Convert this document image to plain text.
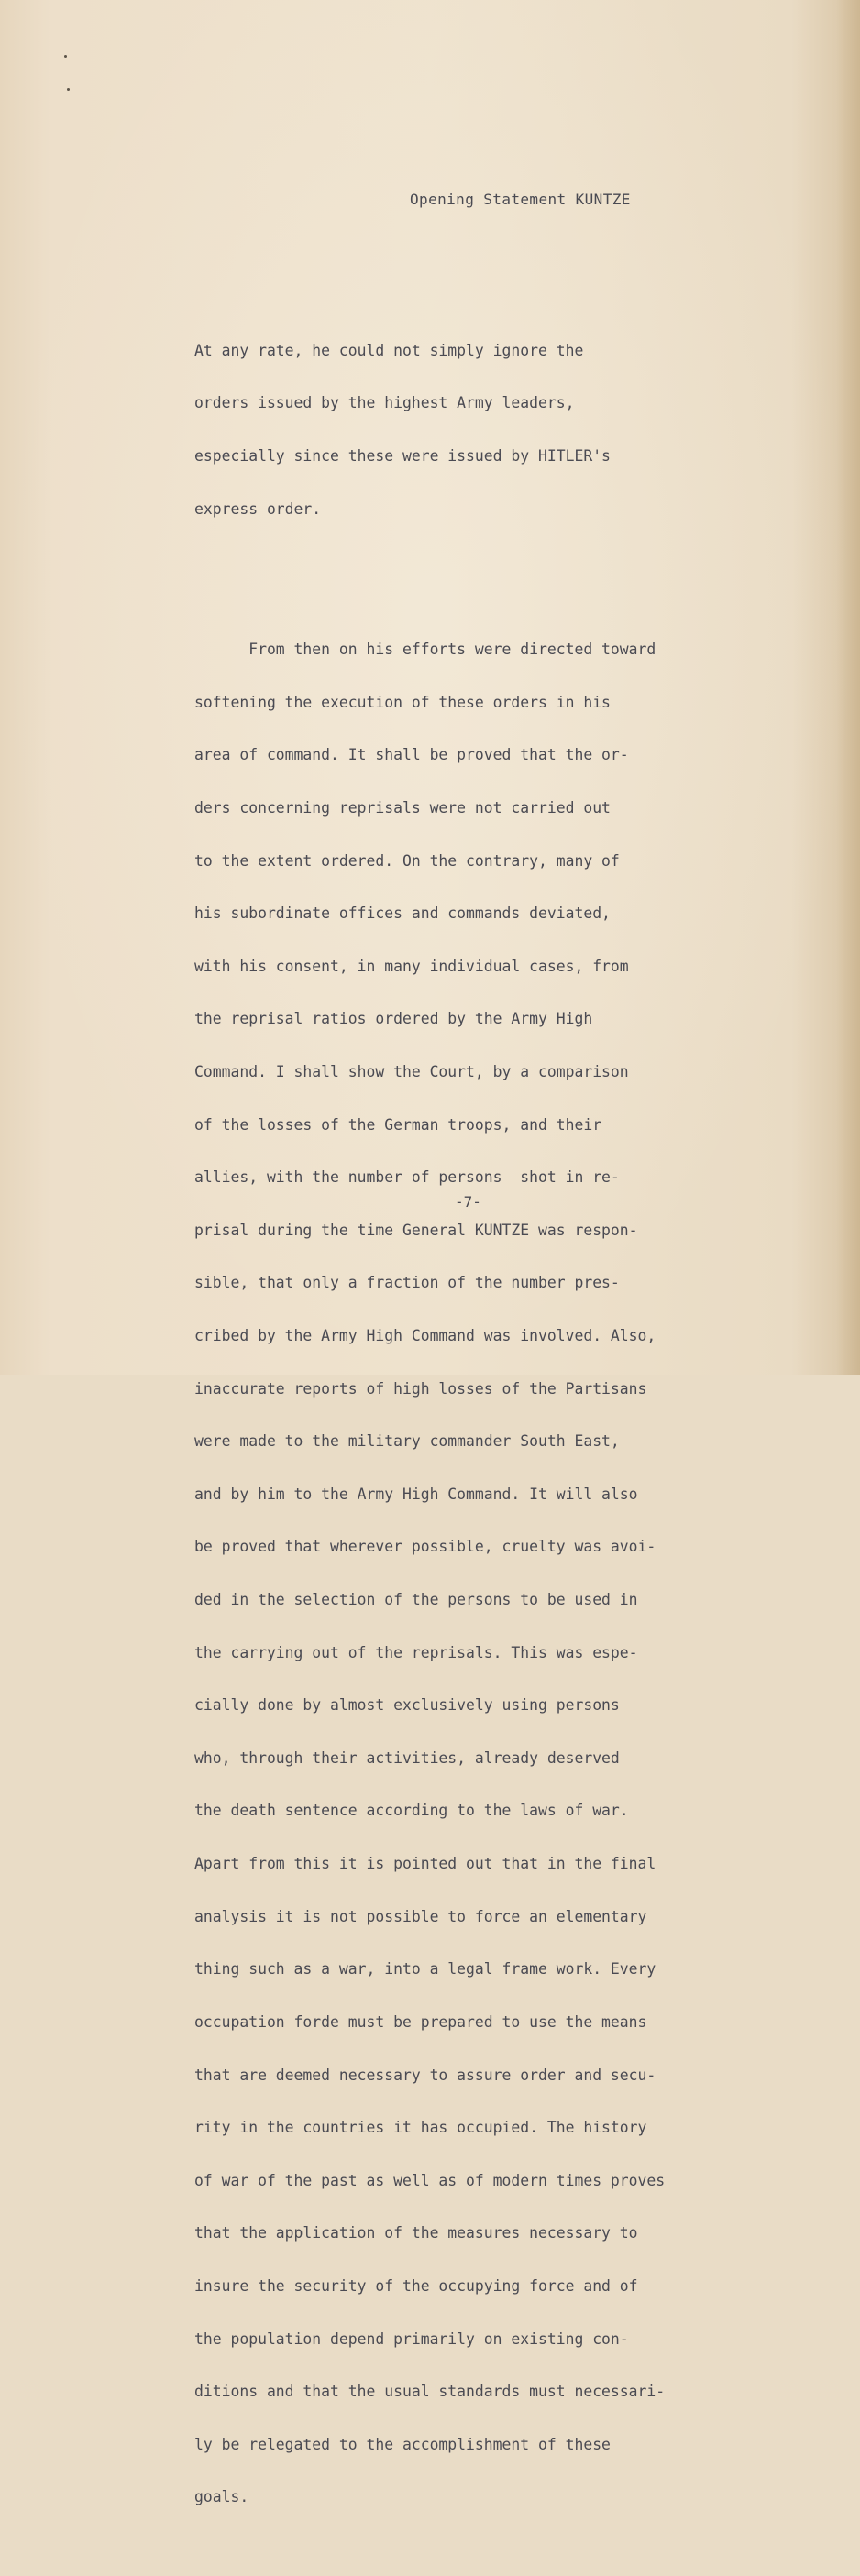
Opening Statement KUNTZE

At any rate, he could not simply ignore the

orders issued by the highest Army leaders,

especially since these were issued by HITLER's

express order.

From then on his efforts were directed toward

softening the execution of these orders in his

area of command. It shall be proved that the or-

ders concerning reprisals were not carried out

to the extent ordered. On the contrary, many of

his subordinate offices and commands deviated,

with his consent, in many individual cases, from

the reprisal ratios ordered by the Army High

Command. I shall show the Court, by a comparison

of the losses of the German troops, and their

allies, with the number of persons  shot in re-

prisal during the time General KUNTZE was respon-

sible, that only a fraction of the number pres-

cribed by the Army High Command was involved. Also,

inaccurate reports of high losses of the Partisans

were made to the military commander South East,

and by him to the Army High Command. It will also

be proved that wherever possible, cruelty was avoi-

ded in the selection of the persons to be used in

the carrying out of the reprisals. This was espe-

cially done by almost exclusively using persons

who, through their activities, already deserved

the death sentence according to the laws of war.

Apart from this it is pointed out that in the final

analysis it is not possible to force an elementary

thing such as a war, into a legal frame work. Every

occupation forde must be prepared to use the means

that are deemed necessary to assure order and secu-

rity in the countries it has occupied. The history

of war of the past as well as of modern times proves

that the application of the measures necessary to

insure the security of the occupying force and of

the population depend primarily on existing con-

ditions and that the usual standards must necessari-

ly be relegated to the accomplishment of these

goals.

-7-
